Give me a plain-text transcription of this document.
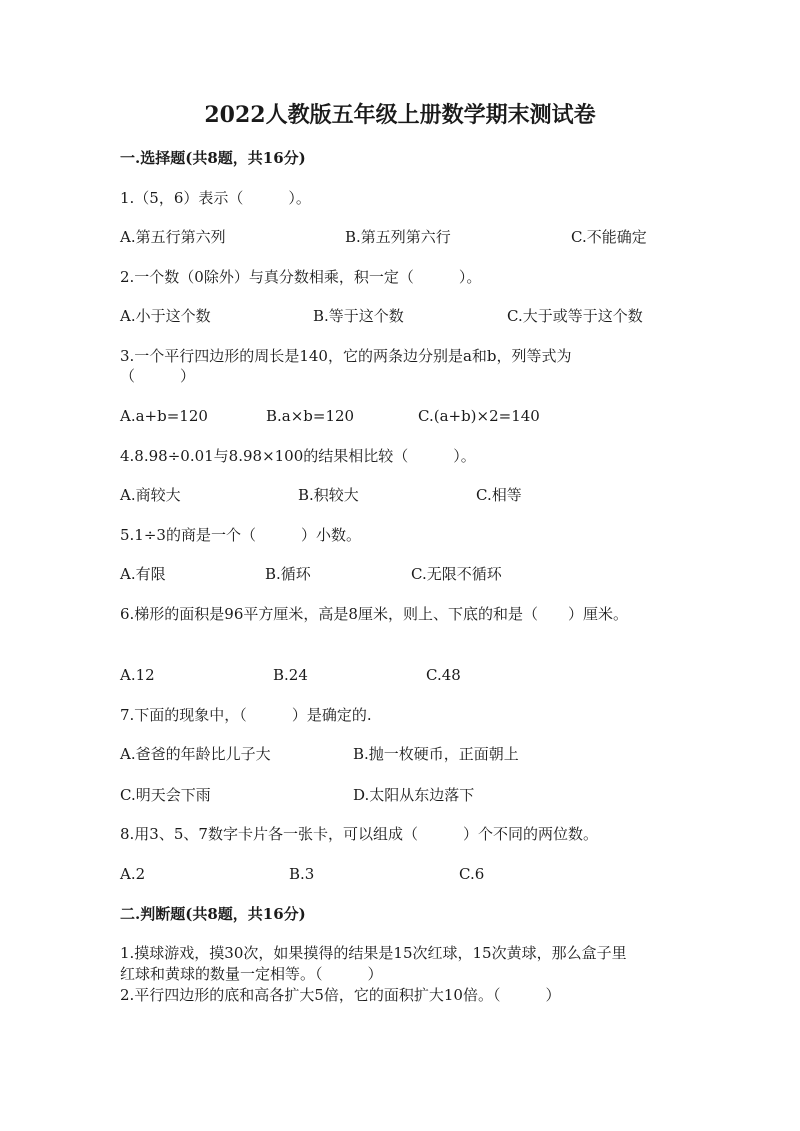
2022人教版五年级上册数学期末测试卷
一.选择题(共8题，共16分)
1.（5，6）表示（　　　）。
A.第五行第六列	B.第五列第六行	C.不能确定
2.一个数（0除外）与真分数相乘，积一定（　　　）。
A.小于这个数	B.等于这个数	C.大于或等于这个数
3.一个平行四边形的周长是140，它的两条边分别是a和b，列等式为
（　　　）
A.a+b=120	B.a×b=120	C.(a+b)×2=140
4.8.98÷0.01与8.98×100的结果相比较（　　　）。
A.商较大	B.积较大	C.相等
5.1÷3的商是一个（　　　）小数。
A.有限	B.循环	C.无限不循环
6.梯形的面积是96平方厘米，高是8厘米，则上、下底的和是（　　）厘米。
A.12	B.24	C.48
7.下面的现象中，（　　　）是确定的.
A.爸爸的年龄比儿子大	B.抛一枚硬币，正面朝上
C.明天会下雨	D.太阳从东边落下
8.用3、5、7数字卡片各一张卡，可以组成（　　　）个不同的两位数。
A.2	B.3	C.6
二.判断题(共8题，共16分)
1.摸球游戏，摸30次，如果摸得的结果是15次红球，15次黄球，那么盒子里
红球和黄球的数量一定相等。（　　　）
2.平行四边形的底和高各扩大5倍，它的面积扩大10倍。（　　　）
